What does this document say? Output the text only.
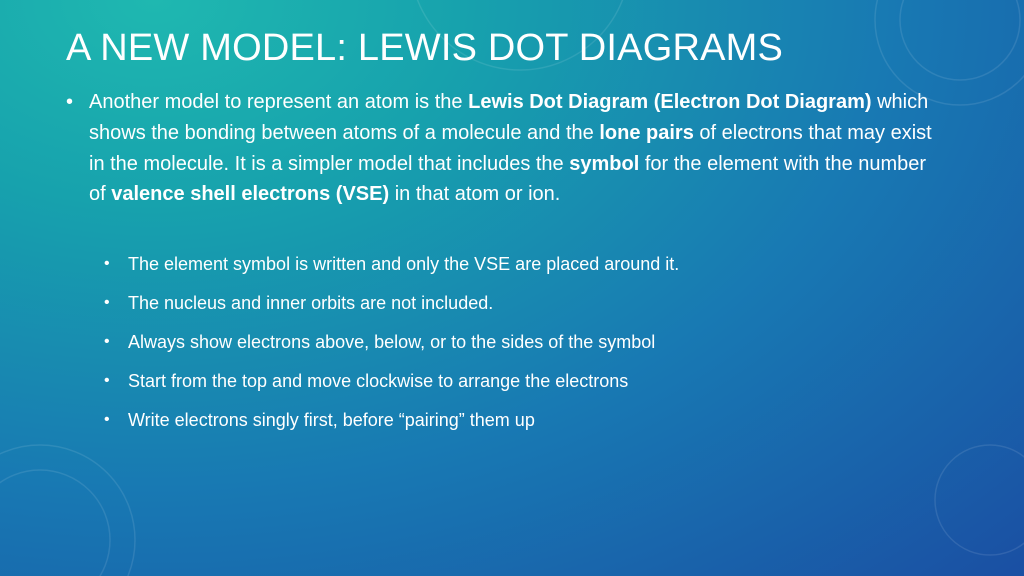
A NEW MODEL: LEWIS DOT DIAGRAMS
• Another model to represent an atom is the Lewis Dot Diagram (Electron Dot Diagram) which shows the bonding between atoms of a molecule and the lone pairs of electrons that may exist in the molecule. It is a simpler model that includes the symbol for the element with the number of valence shell electrons (VSE) in that atom or ion.
• The element symbol is written and only the VSE are placed around it.
• The nucleus and inner orbits are not included.
• Always show electrons above, below, or to the sides of the symbol
• Start from the top and move clockwise to arrange the electrons
• Write electrons singly first, before “pairing” them up
